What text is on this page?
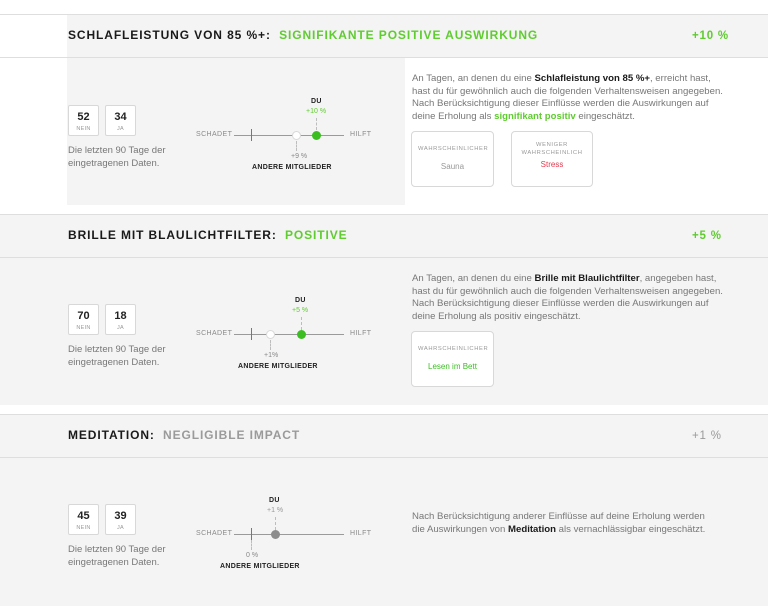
SCHLAFLEISTUNG VON 85 %+: SIGNIFIKANTE POSITIVE AUSWIRKUNG	+10 %
52
NEIN
34
JA
Die letzten 90 Tage der eingetragenen Daten.
DU
+10 %
SCHADET	HILFT
+9 %
ANDERE MITGLIEDER
An Tagen, an denen du eine Schlafleistung von 85 %+, erreicht hast, hast du für gewöhnlich auch die folgenden Verhaltensweisen angegeben. Nach Berücksichtigung dieser Einflüsse werden die Auswirkungen auf deine Erholung als signifikant positiv eingeschätzt.
WAHRSCHEINLICHER
Sauna
WENIGER WAHRSCHEINLICH
Stress
BRILLE MIT BLAULICHTFILTER: POSITIVE	+5 %
70
NEIN
18
JA
Die letzten 90 Tage der eingetragenen Daten.
DU
+5 %
SCHADET	HILFT
+1%
ANDERE MITGLIEDER
An Tagen, an denen du eine Brille mit Blaulichtfilter, angegeben hast, hast du für gewöhnlich auch die folgenden Verhaltensweisen angegeben. Nach Berücksichtigung dieser Einflüsse werden die Auswirkungen auf deine Erholung als positiv eingeschätzt.
WAHRSCHEINLICHER
Lesen im Bett
MEDITATION: NEGLIGIBLE IMPACT	+1 %
45
NEIN
39
JA
Die letzten 90 Tage der eingetragenen Daten.
DU
+1 %
SCHADET	HILFT
0 %
ANDERE MITGLIEDER
Nach Berücksichtigung anderer Einflüsse auf deine Erholung werden die Auswirkungen von Meditation als vernachlässigbar eingeschätzt.
